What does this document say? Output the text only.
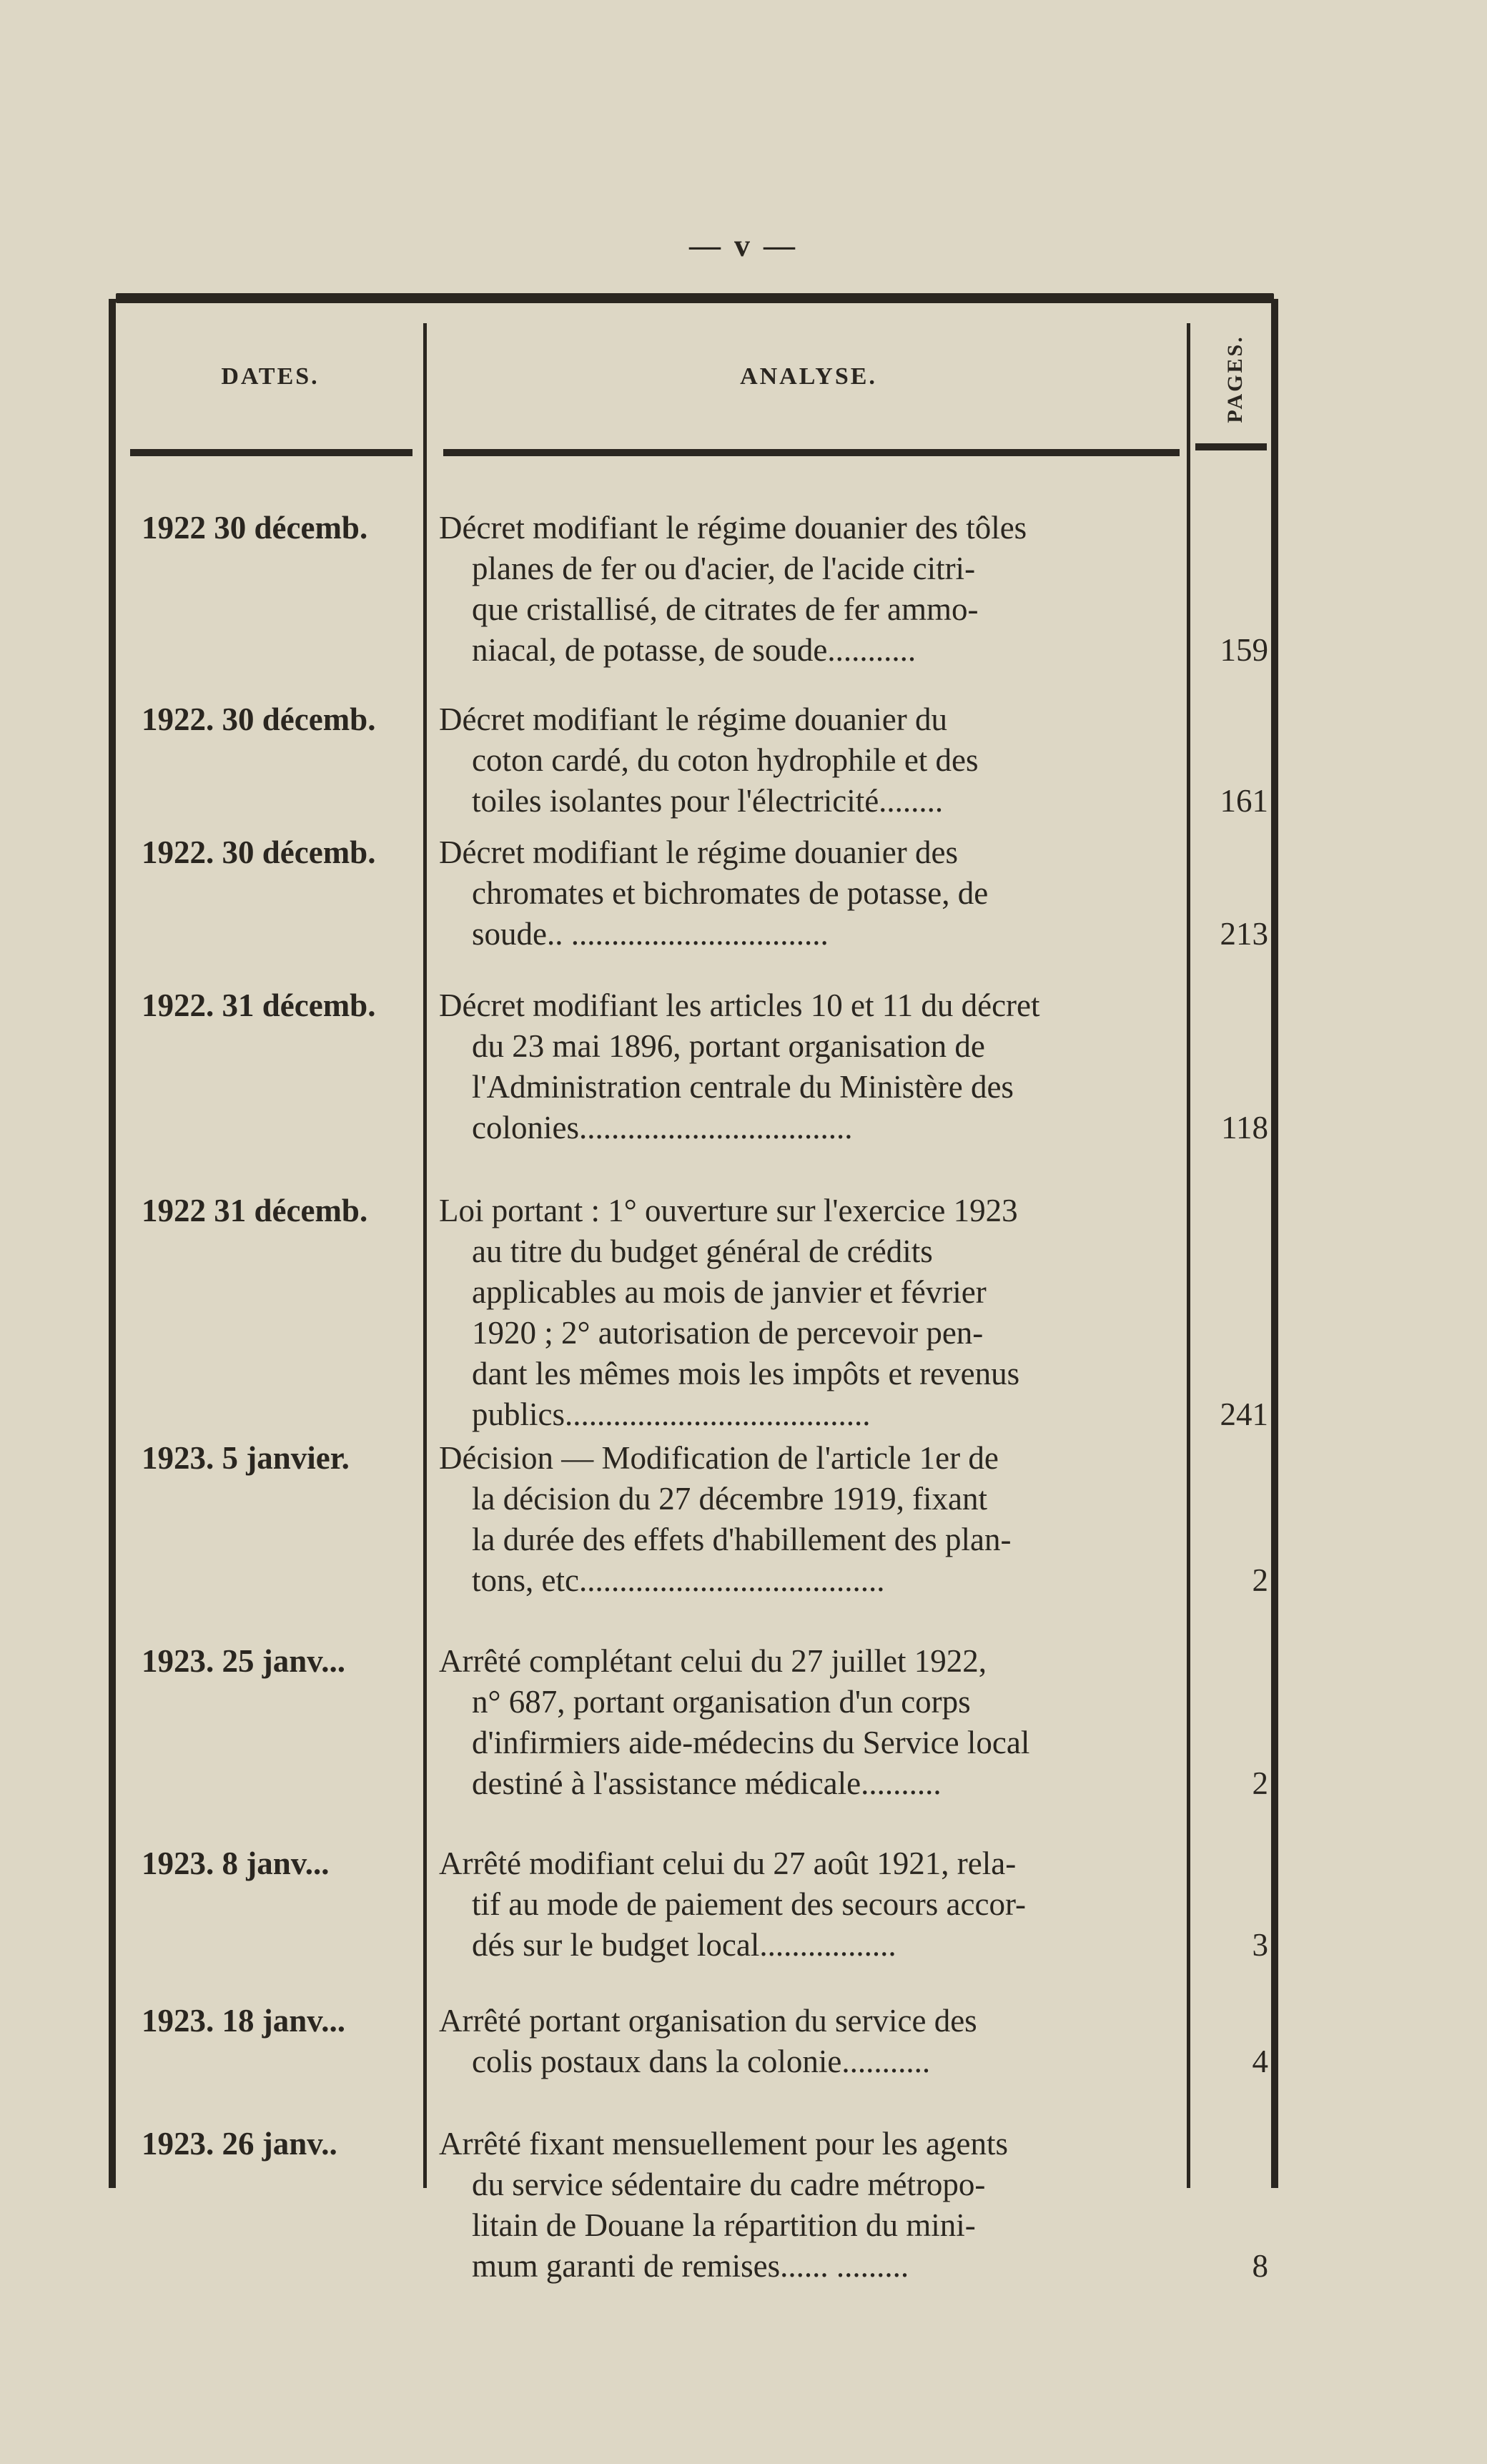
— v —
DATES.	ANALYSE.	PAGES.
1922 30 décemb.	Décret modifiant le régime douanier des tôles
planes de fer ou d'acier, de l'acide citri-
que cristallisé, de citrates de fer ammo-
niacal, de potasse, de soude...........	159
1922. 30 décemb.	Décret modifiant le régime douanier du
coton cardé, du coton hydrophile et des
toiles isolantes pour l'électricité........	161
1922. 30 décemb.	Décret modifiant le régime douanier des
chromates et bichromates de potasse, de
soude.. ................................	213
1922. 31 décemb.	Décret modifiant les articles 10 et 11 du décret
du 23 mai 1896, portant organisation de
l'Administration centrale du Ministère des
colonies..................................	118
1922 31 décemb.	Loi portant : 1° ouverture sur l'exercice 1923
au titre du budget général de crédits
applicables au mois de janvier et février
1920 ; 2° autorisation de percevoir pen-
dant les mêmes mois les impôts et revenus
publics......................................	241
1923. 5 janvier.	Décision — Modification de l'article 1er de
la décision du 27 décembre 1919, fixant
la durée des effets d'habillement des plan-
tons, etc......................................	2
1923. 25 janv...	Arrêté complétant celui du 27 juillet 1922,
n° 687, portant organisation d'un corps
d'infirmiers aide-médecins du Service local
destiné à l'assistance médicale..........	2
1923. 8 janv...	Arrêté modifiant celui du 27 août 1921, rela-
tif au mode de paiement des secours accor-
dés sur le budget local.................	3
1923. 18 janv...	Arrêté portant organisation du service des
colis postaux dans la colonie...........	4
1923. 26 janv..	Arrêté fixant mensuellement pour les agents
du service sédentaire du cadre métropo-
litain de Douane la répartition du mini-
mum garanti de remises...... .........	8
